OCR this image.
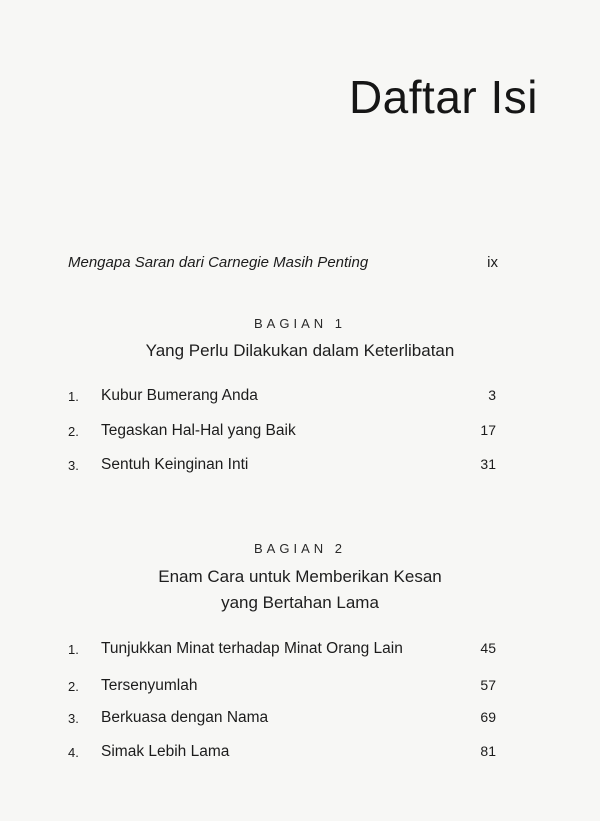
Daftar Isi
Mengapa Saran dari Carnegie Masih Penting	ix
BAGIAN 1
Yang Perlu Dilakukan dalam Keterlibatan
1. Kubur Bumerang Anda	3
2. Tegaskan Hal-Hal yang Baik	17
3. Sentuh Keinginan Inti	31
BAGIAN 2
Enam Cara untuk Memberikan Kesan
yang Bertahan Lama
1. Tunjukkan Minat terhadap Minat Orang Lain	45
2. Tersenyumlah	57
3. Berkuasa dengan Nama	69
4. Simak Lebih Lama	81
